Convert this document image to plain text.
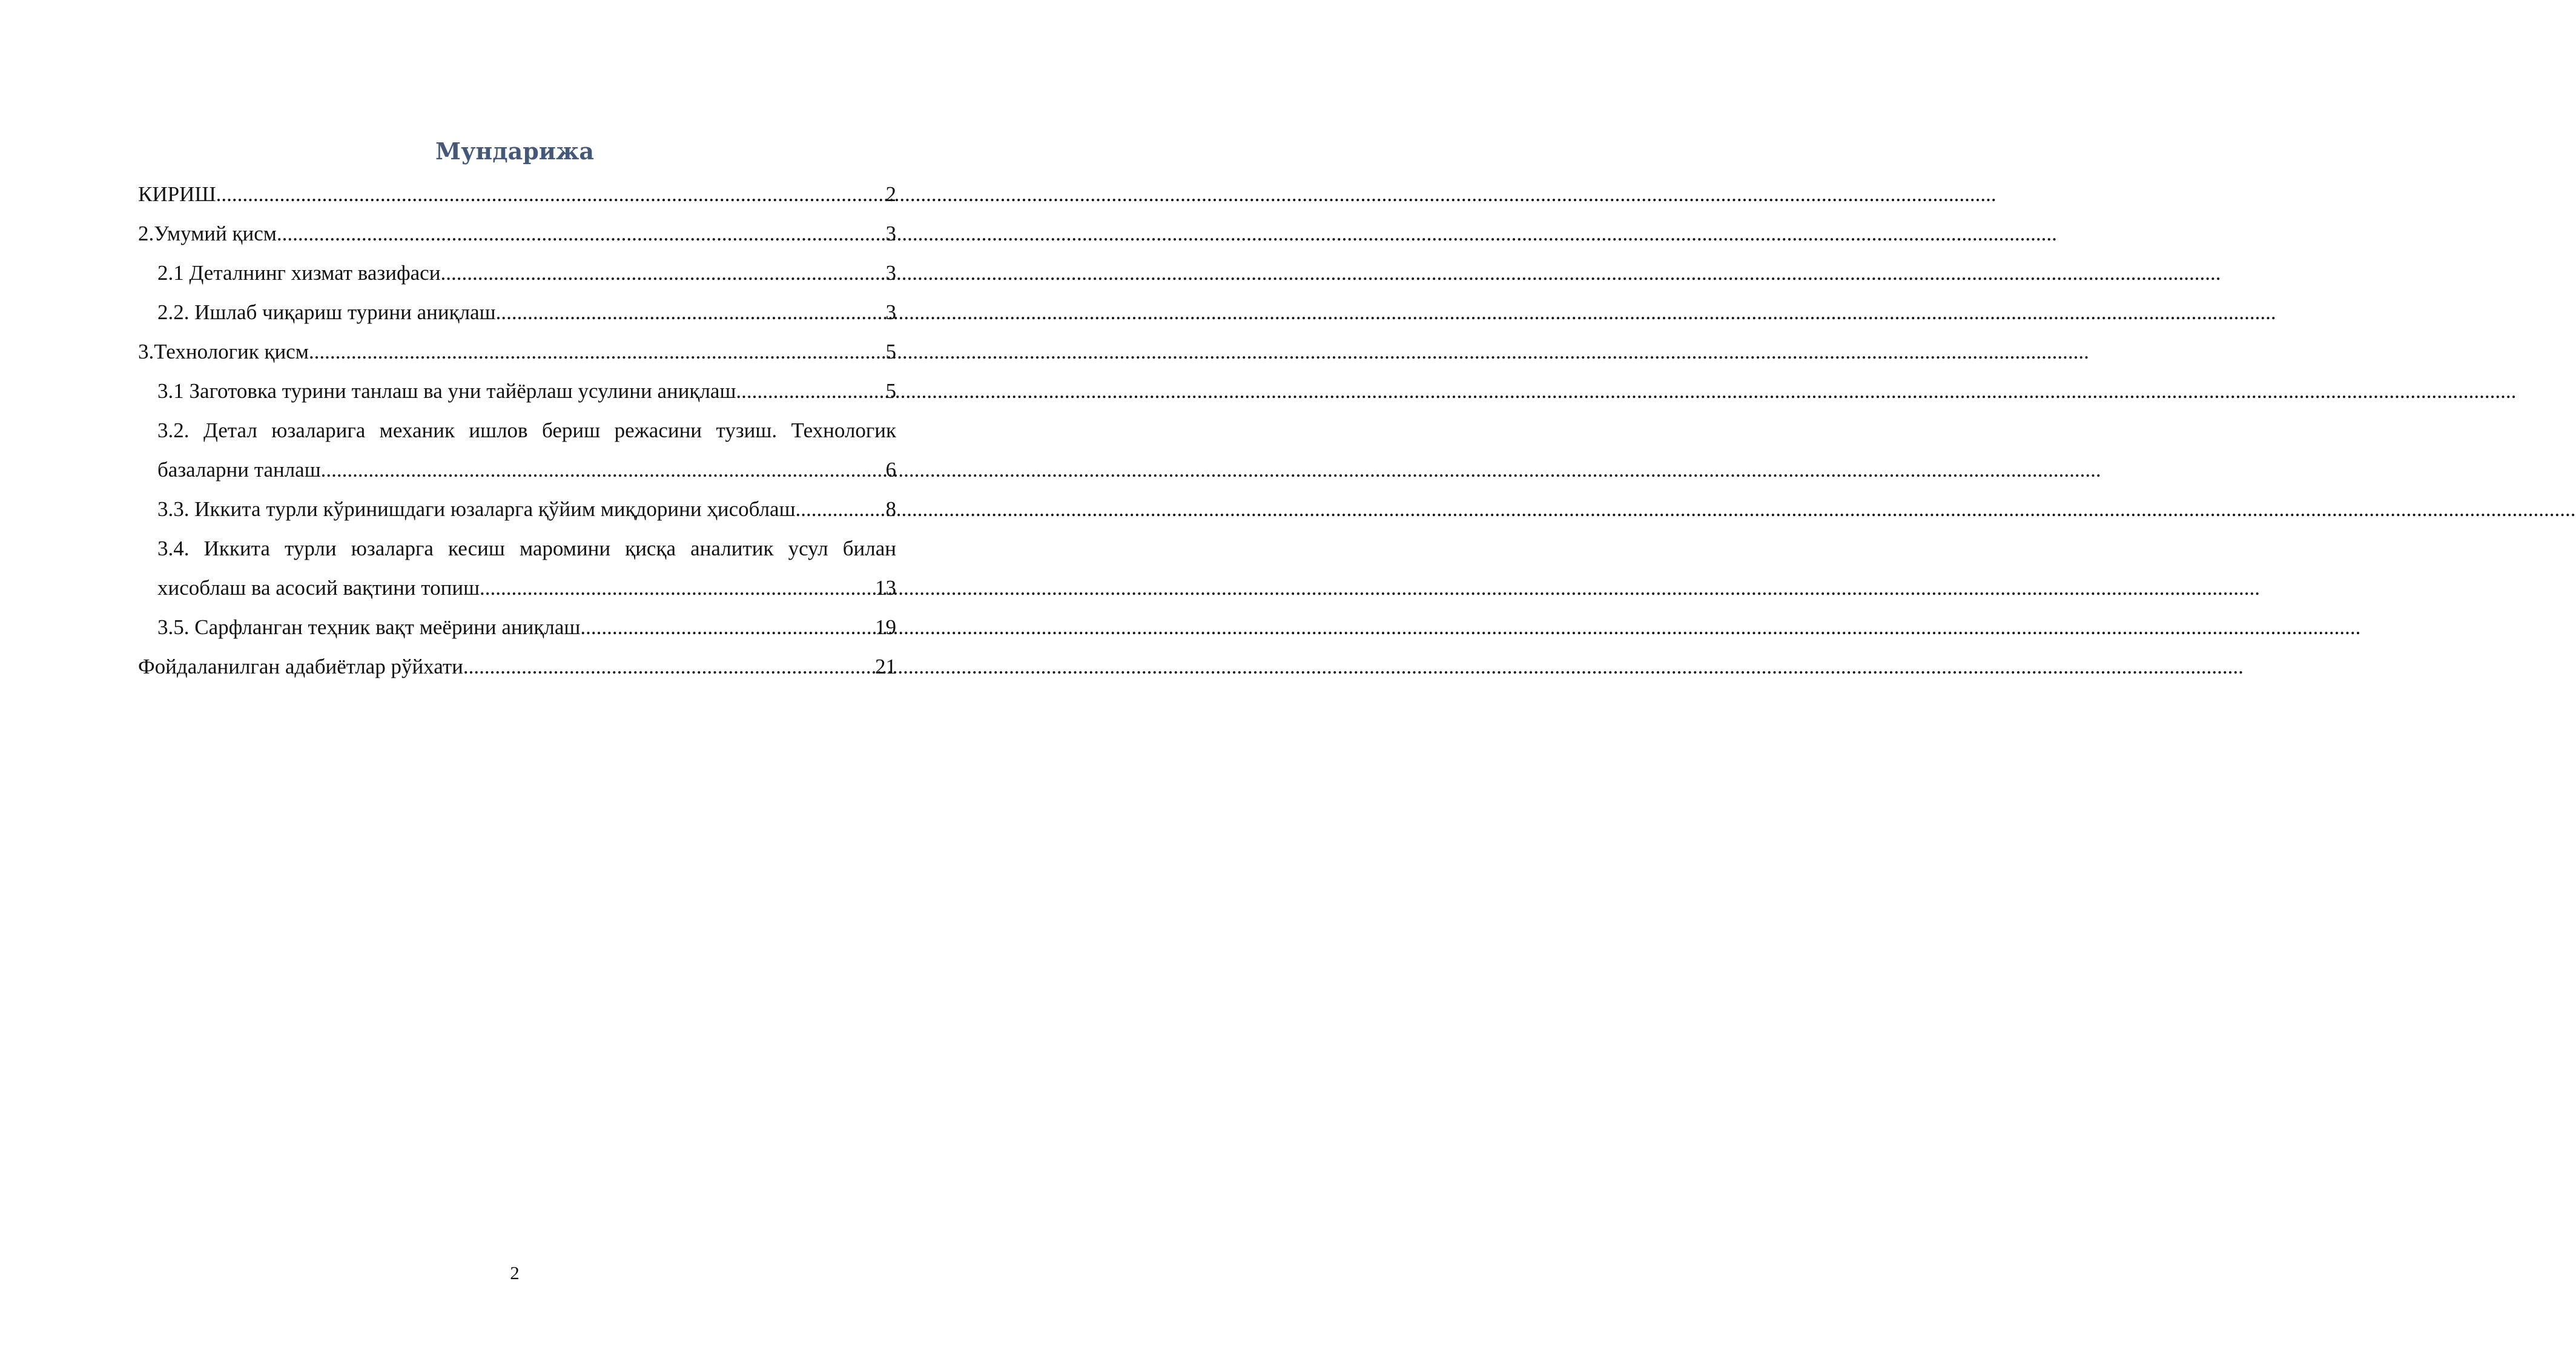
Мундарижа
КИРИШ .....	2
2.Умумий қисм .....	3
2.1 Деталнинг хизмат вазифаси .....	3
2.2. Ишлаб чиқариш турини аниқлаш .....	3
3.Технологик қисм .....	5
3.1 Заготовка турини танлаш ва уни тайёрлаш усулини аниқлаш .....	5
3.2. Детал юзаларига механик ишлов бериш режасини тузиш. Технологик
базаларни танлаш .....	6
3.3. Иккита турли кўринишдаги юзаларга қўйим миқдорини ҳисоблаш .....	8
3.4. Иккита турли юзаларга кесиш маромини қисқа аналитик усул билан
хисоблаш ва асосий вақтини топиш .....	13
3.5. Сарфланган теҳник вақт меёрини аниқлаш .....	19
Фойдаланилган адабиётлар рўйхати .....	21
2
